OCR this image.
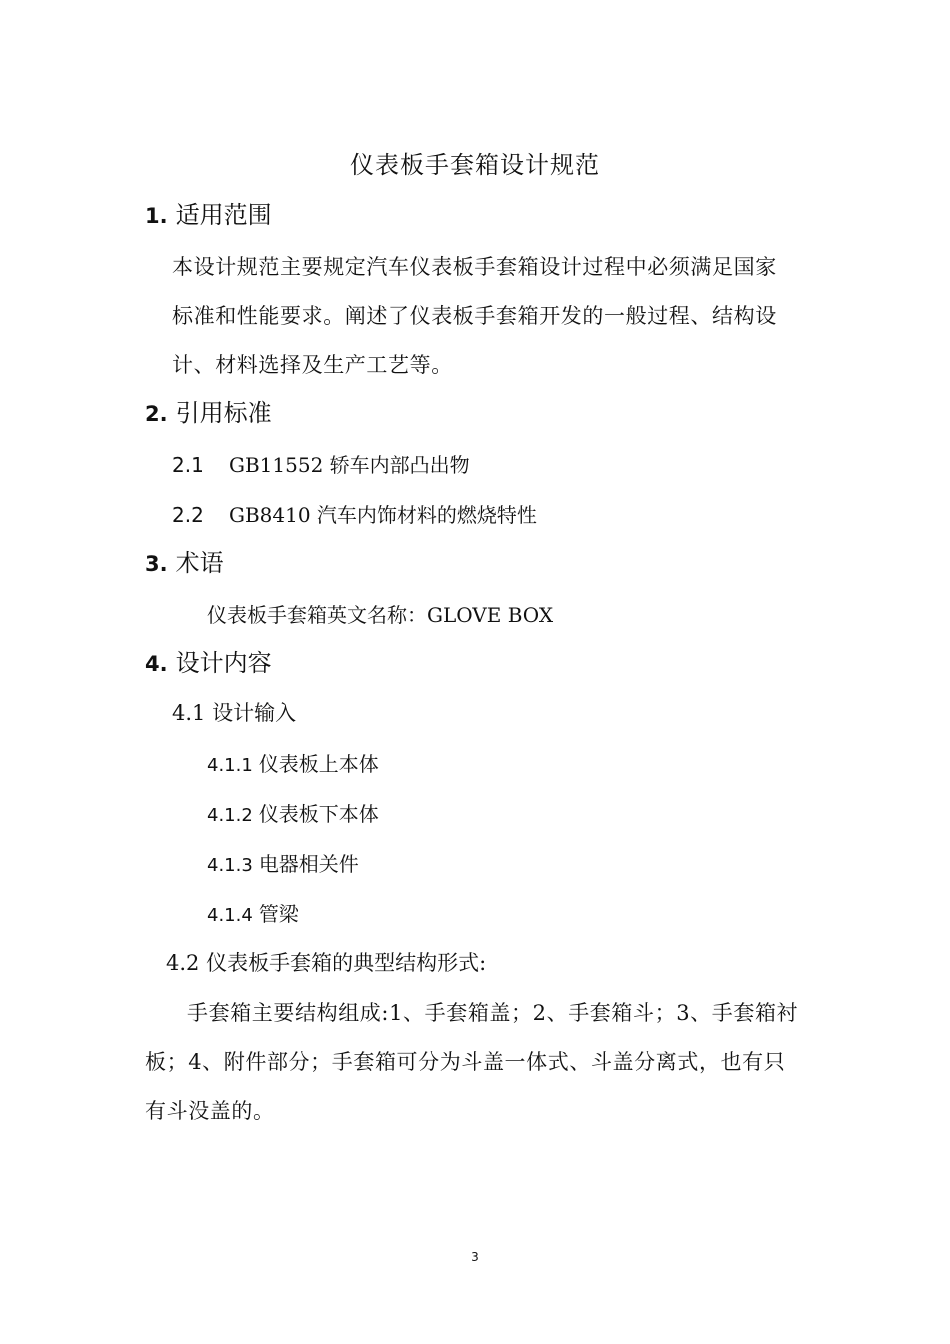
仪表板手套箱设计规范
1. 适用范围
本设计规范主要规定汽车仪表板手套箱设计过程中必须满足国家
标准和性能要求。阐述了仪表板手套箱开发的一般过程、结构设
计、材料选择及生产工艺等。
2. 引用标准
2.1 GB11552 轿车内部凸出物
2.2 GB8410 汽车内饰材料的燃烧特性
3. 术语
仪表板手套箱英文名称：GLOVE BOX
4. 设计内容
4.1 设计输入
4.1.1 仪表板上本体
4.1.2 仪表板下本体
4.1.3 电器相关件
4.1.4 管梁
4.2 仪表板手套箱的典型结构形式:
手套箱主要结构组成:1、手套箱盖；2、手套箱斗；3、手套箱衬
板；4、附件部分；手套箱可分为斗盖一体式、斗盖分离式，也有只
有斗没盖的。
3
